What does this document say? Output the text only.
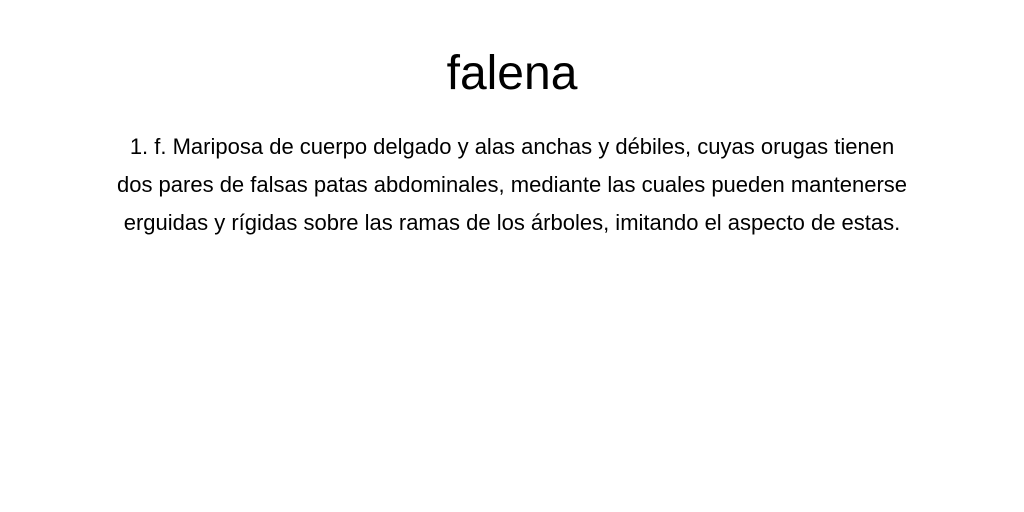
falena

1. f. Mariposa de cuerpo delgado y alas anchas y débiles, cuyas orugas tienen
dos pares de falsas patas abdominales, mediante las cuales pueden mantenerse
erguidas y rígidas sobre las ramas de los árboles, imitando el aspecto de estas.
